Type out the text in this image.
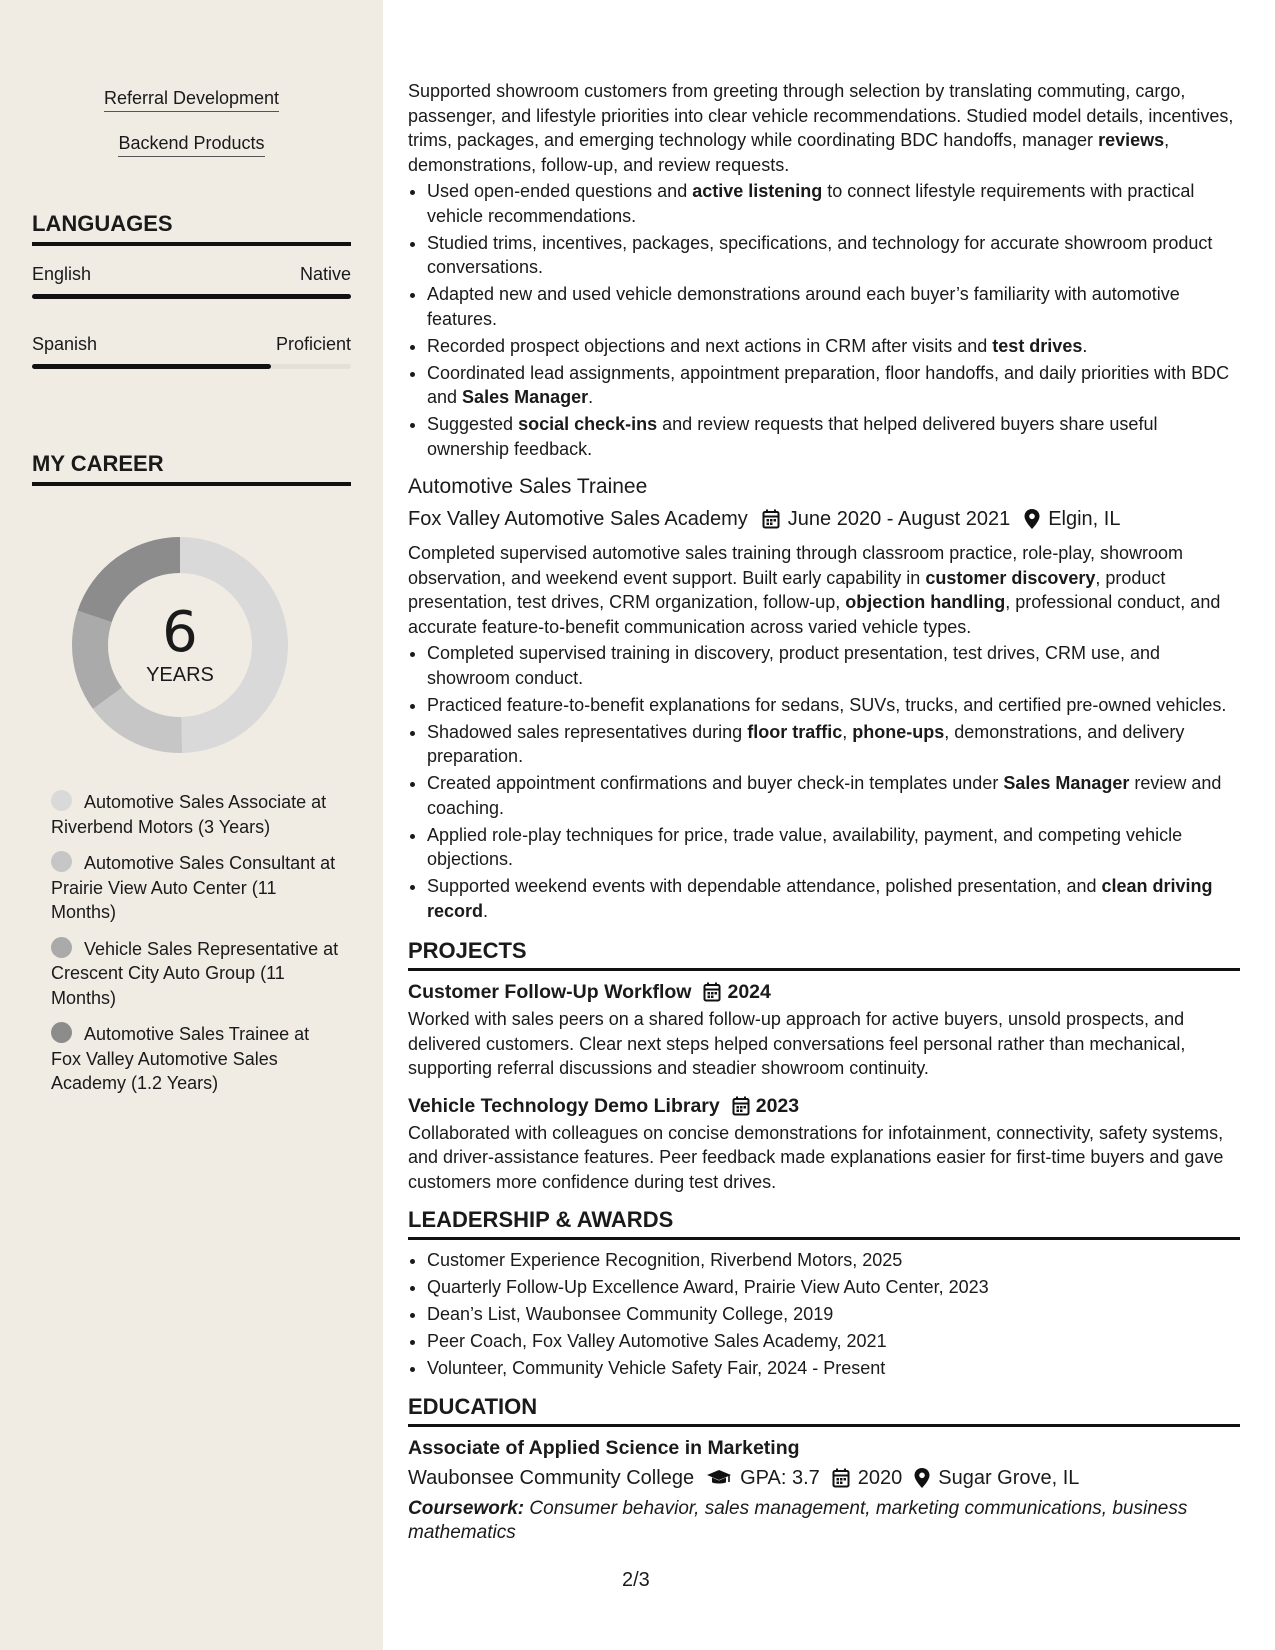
Referral Development
Backend Products
LANGUAGES
English	Native
Spanish	Proficient
MY CAREER
6
YEARS
Automotive Sales Associate at Riverbend Motors (3 Years)
Automotive Sales Consultant at Prairie View Auto Center (11 Months)
Vehicle Sales Representative at Crescent City Auto Group (11 Months)
Automotive Sales Trainee at Fox Valley Automotive Sales Academy (1.2 Years)

Supported showroom customers from greeting through selection by translating commuting, cargo, passenger, and lifestyle priorities into clear vehicle recommendations. Studied model details, incentives, trims, packages, and emerging technology while coordinating BDC handoffs, manager reviews, demonstrations, follow-up, and review requests.

• Used open-ended questions and active listening to connect lifestyle requirements with practical vehicle recommendations.
• Studied trims, incentives, packages, specifications, and technology for accurate showroom product conversations.
• Adapted new and used vehicle demonstrations around each buyer’s familiarity with automotive features.
• Recorded prospect objections and next actions in CRM after visits and test drives.
• Coordinated lead assignments, appointment preparation, floor handoffs, and daily priorities with BDC and Sales Manager.
• Suggested social check-ins and review requests that helped delivered buyers share useful ownership feedback.
Automotive Sales Trainee
Fox Valley Automotive Sales Academy June 2020 - August 2021 Elgin, IL

Completed supervised automotive sales training through classroom practice, role-play, showroom observation, and weekend event support. Built early capability in customer discovery, product presentation, test drives, CRM organization, follow-up, objection handling, professional conduct, and accurate feature-to-benefit communication across varied vehicle types.

• Completed supervised training in discovery, product presentation, test drives, CRM use, and showroom conduct.
• Practiced feature-to-benefit explanations for sedans, SUVs, trucks, and certified pre-owned vehicles.
• Shadowed sales representatives during floor traffic, phone-ups, demonstrations, and delivery preparation.
• Created appointment confirmations and buyer check-in templates under Sales Manager review and coaching.
• Applied role-play techniques for price, trade value, availability, payment, and competing vehicle objections.
• Supported weekend events with dependable attendance, polished presentation, and clean driving record.
PROJECTS
Customer Follow-Up Workflow 2024

Worked with sales peers on a shared follow-up approach for active buyers, unsold prospects, and delivered customers. Clear next steps helped conversations feel personal rather than mechanical, supporting referral discussions and steadier showroom continuity.

Vehicle Technology Demo Library 2023

Collaborated with colleagues on concise demonstrations for infotainment, connectivity, safety systems, and driver-assistance features. Peer feedback made explanations easier for first-time buyers and gave customers more confidence during test drives.

LEADERSHIP & AWARDS
• Customer Experience Recognition, Riverbend Motors, 2025
• Quarterly Follow-Up Excellence Award, Prairie View Auto Center, 2023
• Dean’s List, Waubonsee Community College, 2019
• Peer Coach, Fox Valley Automotive Sales Academy, 2021
• Volunteer, Community Vehicle Safety Fair, 2024 - Present
EDUCATION
Associate of Applied Science in Marketing
Waubonsee Community College GPA: 3.7 2020 Sugar Grove, IL
Coursework: Consumer behavior, sales management, marketing communications, business mathematics
2/3
